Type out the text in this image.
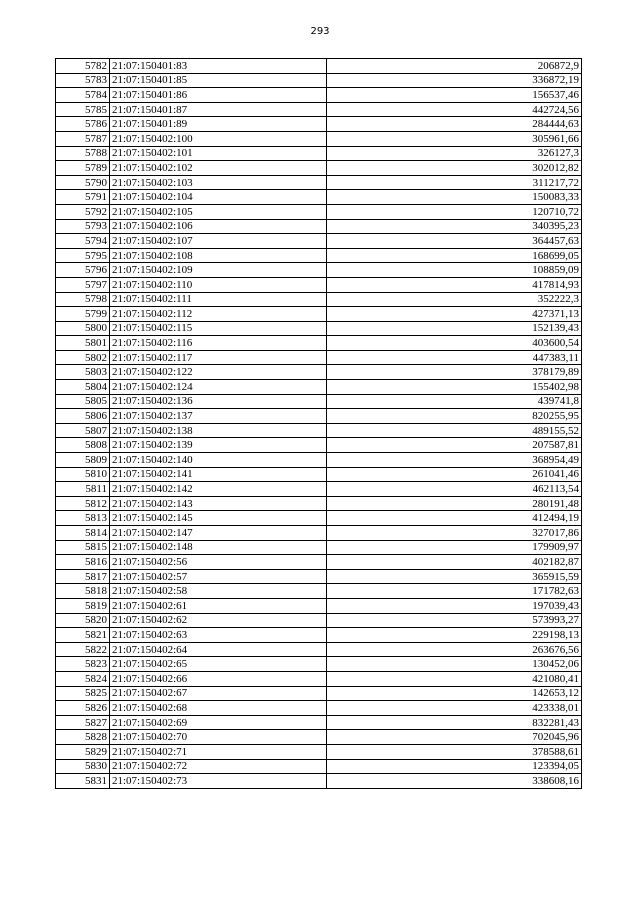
293
5782	21:07:150401:83	206872,9
5783	21:07:150401:85	336872,19
5784	21:07:150401:86	156537,46
5785	21:07:150401:87	442724,56
5786	21:07:150401:89	284444,63
5787	21:07:150402:100	305961,66
5788	21:07:150402:101	326127,3
5789	21:07:150402:102	302012,82
5790	21:07:150402:103	311217,72
5791	21:07:150402:104	150083,33
5792	21:07:150402:105	120710,72
5793	21:07:150402:106	340395,23
5794	21:07:150402:107	364457,63
5795	21:07:150402:108	168699,05
5796	21:07:150402:109	108859,09
5797	21:07:150402:110	417814,93
5798	21:07:150402:111	352222,3
5799	21:07:150402:112	427371,13
5800	21:07:150402:115	152139,43
5801	21:07:150402:116	403600,54
5802	21:07:150402:117	447383,11
5803	21:07:150402:122	378179,89
5804	21:07:150402:124	155402,98
5805	21:07:150402:136	439741,8
5806	21:07:150402:137	820255,95
5807	21:07:150402:138	489155,52
5808	21:07:150402:139	207587,81
5809	21:07:150402:140	368954,49
5810	21:07:150402:141	261041,46
5811	21:07:150402:142	462113,54
5812	21:07:150402:143	280191,48
5813	21:07:150402:145	412494,19
5814	21:07:150402:147	327017,86
5815	21:07:150402:148	179909,97
5816	21:07:150402:56	402182,87
5817	21:07:150402:57	365915,59
5818	21:07:150402:58	171782,63
5819	21:07:150402:61	197039,43
5820	21:07:150402:62	573993,27
5821	21:07:150402:63	229198,13
5822	21:07:150402:64	263676,56
5823	21:07:150402:65	130452,06
5824	21:07:150402:66	421080,41
5825	21:07:150402:67	142653,12
5826	21:07:150402:68	423338,01
5827	21:07:150402:69	832281,43
5828	21:07:150402:70	702045,96
5829	21:07:150402:71	378588,61
5830	21:07:150402:72	123394,05
5831	21:07:150402:73	338608,16
